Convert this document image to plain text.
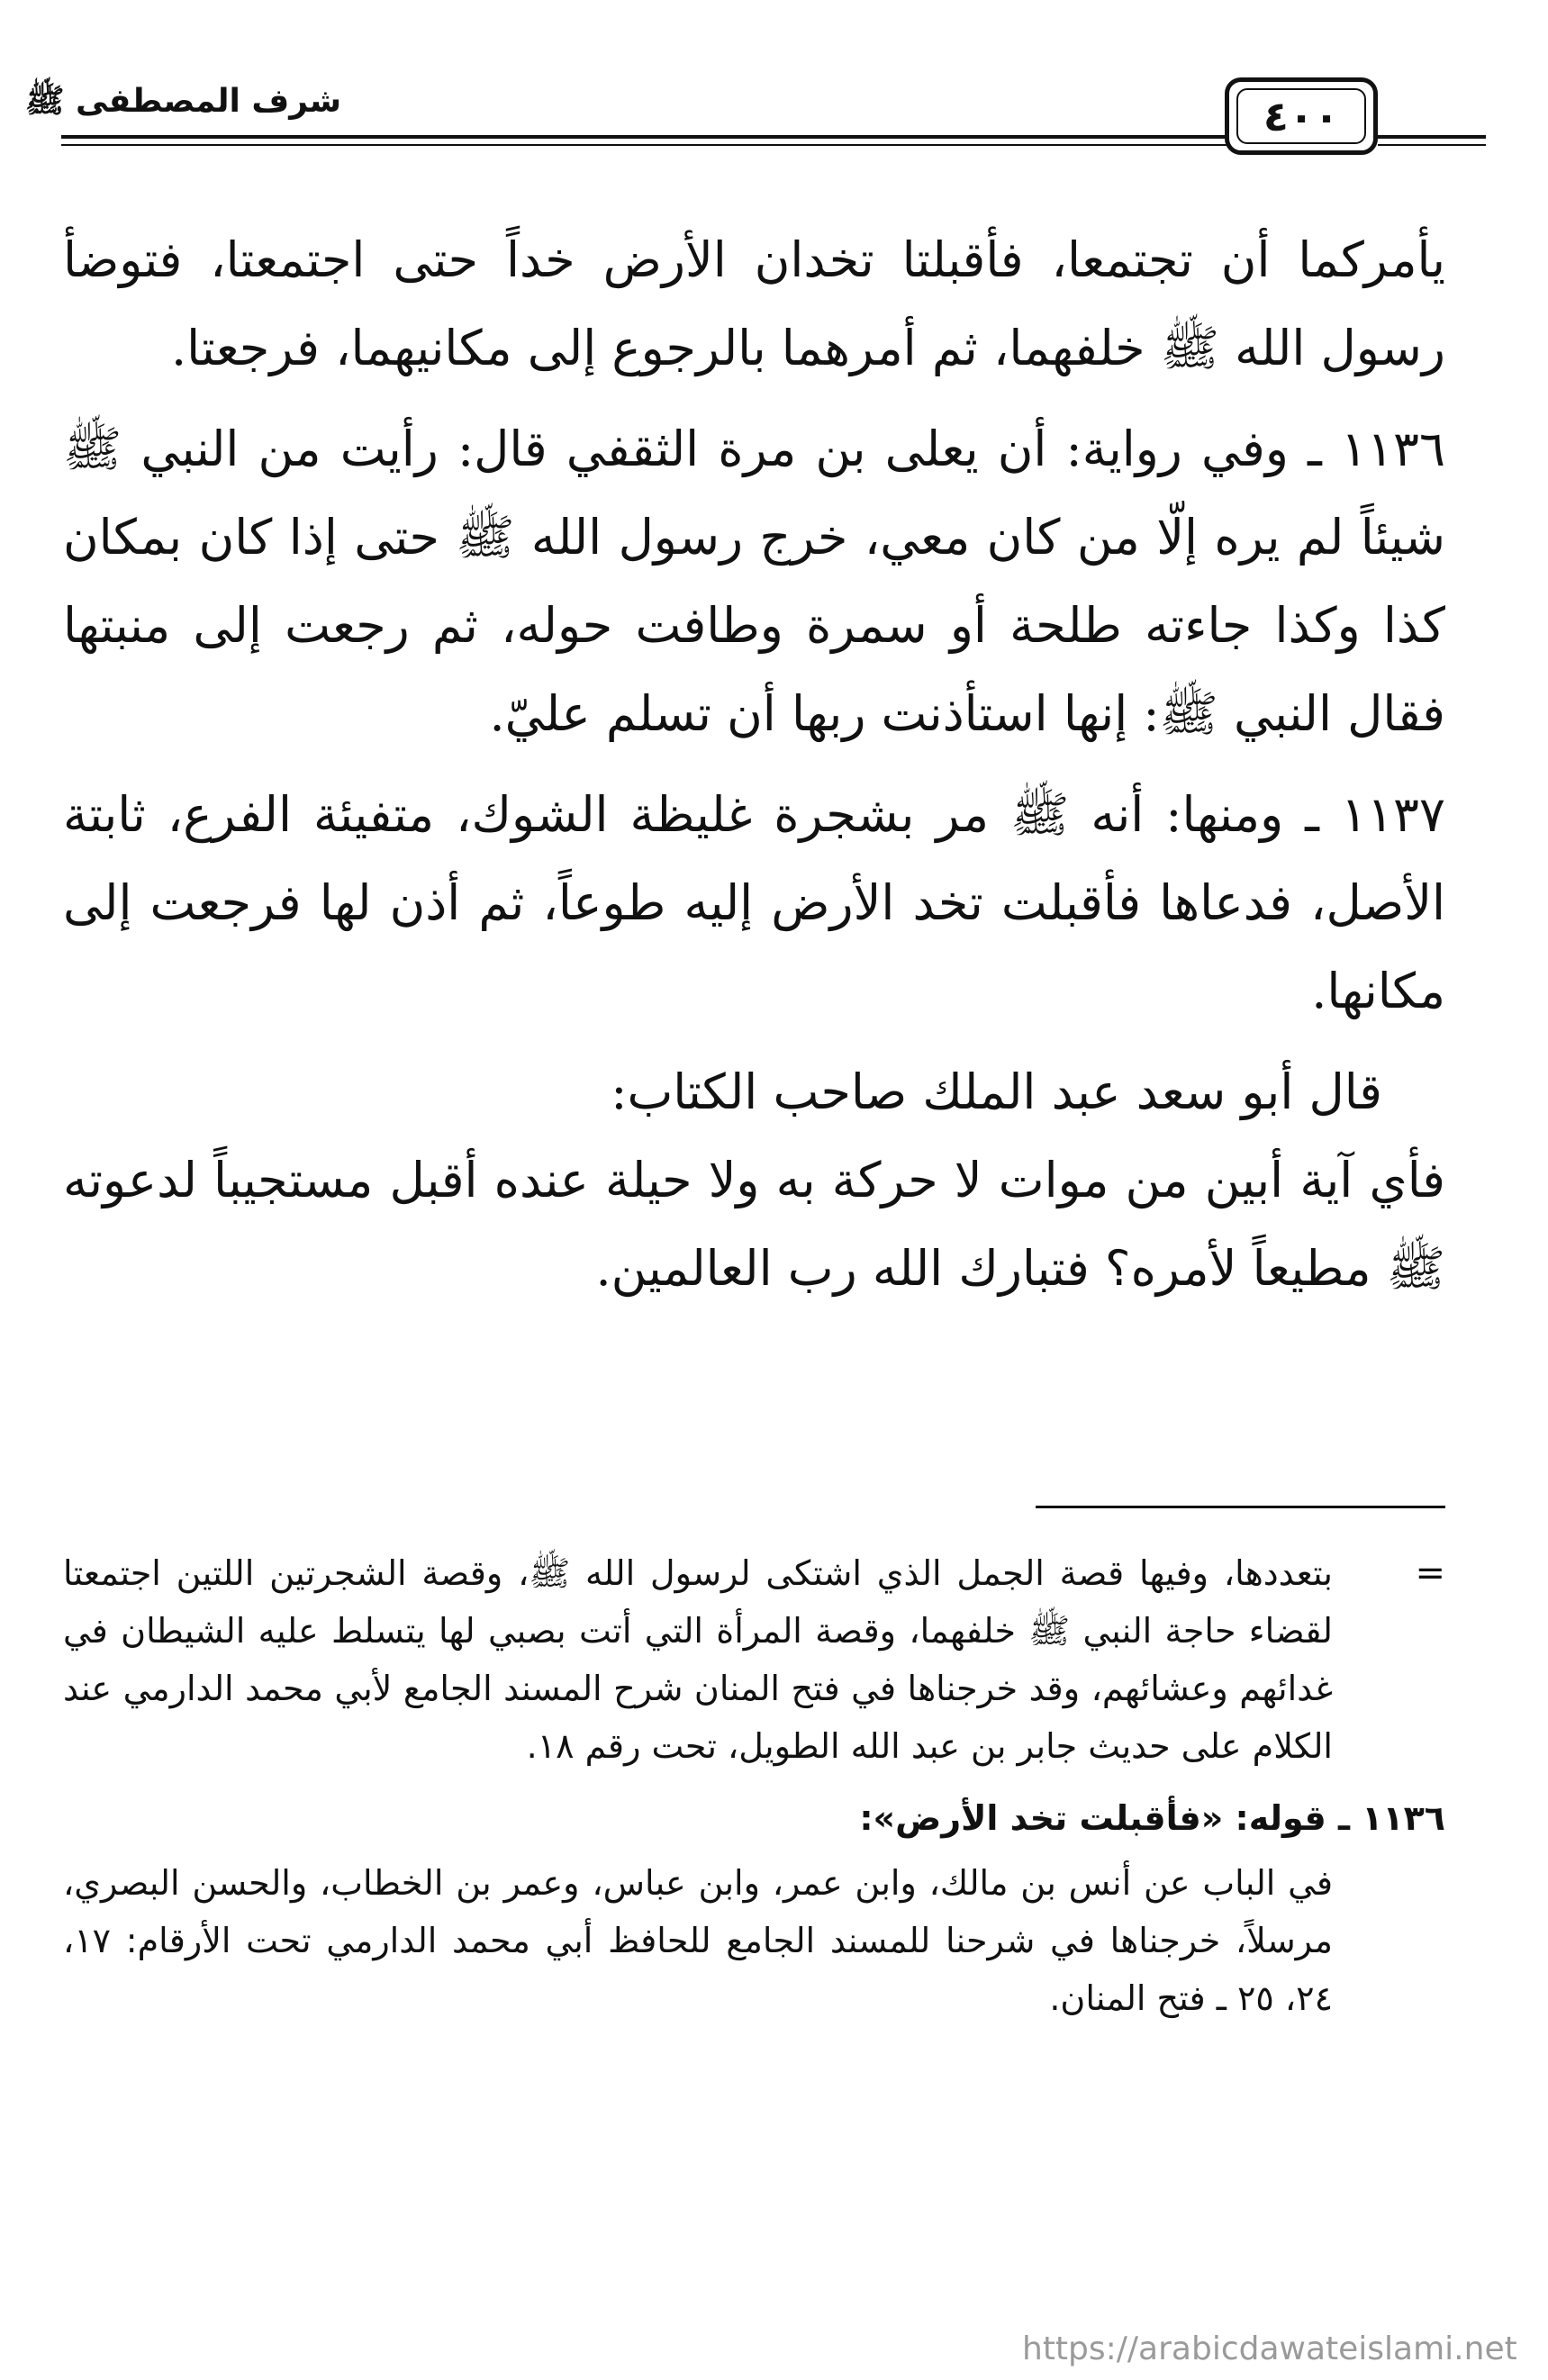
شرف المصطفى ﷺ	٤٠٠

يأمركما أن تجتمعا، فأقبلتا تخدان الأرض خداً حتى اجتمعتا، فتوضأ رسول الله ﷺ خلفهما، ثم أمرهما بالرجوع إلى مكانيهما، فرجعتا.

١١٣٦ ـ وفي رواية: أن يعلى بن مرة الثقفي قال: رأيت من النبي ﷺ شيئاً لم يره إلّا من كان معي، خرج رسول الله ﷺ حتى إذا كان بمكان كذا وكذا جاءته طلحة أو سمرة وطافت حوله، ثم رجعت إلى منبتها فقال النبي ﷺ: إنها استأذنت ربها أن تسلم عليّ.

١١٣٧ ـ ومنها: أنه ﷺ مر بشجرة غليظة الشوك، متفيئة الفرع، ثابتة الأصل، فدعاها فأقبلت تخد الأرض إليه طوعاً، ثم أذن لها فرجعت إلى مكانها.

قال أبو سعد عبد الملك صاحب الكتاب:

فأي آية أبين من موات لا حركة به ولا حيلة عنده أقبل مستجيباً لدعوته ﷺ مطيعاً لأمره؟ فتبارك الله رب العالمين.

=
بتعددها، وفيها قصة الجمل الذي اشتكى لرسول الله ﷺ، وقصة الشجرتين اللتين اجتمعتا لقضاء حاجة النبي ﷺ خلفهما، وقصة المرأة التي أتت بصبي لها يتسلط عليه الشيطان في غدائهم وعشائهم، وقد خرجناها في فتح المنان شرح المسند الجامع لأبي محمد الدارمي عند الكلام على حديث جابر بن عبد الله الطويل، تحت رقم ١٨.

١١٣٦ ـ قوله: «فأقبلت تخد الأرض»:

في الباب عن أنس بن مالك، وابن عمر، وابن عباس، وعمر بن الخطاب، والحسن البصري، مرسلاً، خرجناها في شرحنا للمسند الجامع للحافظ أبي محمد الدارمي تحت الأرقام: ١٧، ٢٤، ٢٥ ـ فتح المنان.

https://arabicdawateislami.net
